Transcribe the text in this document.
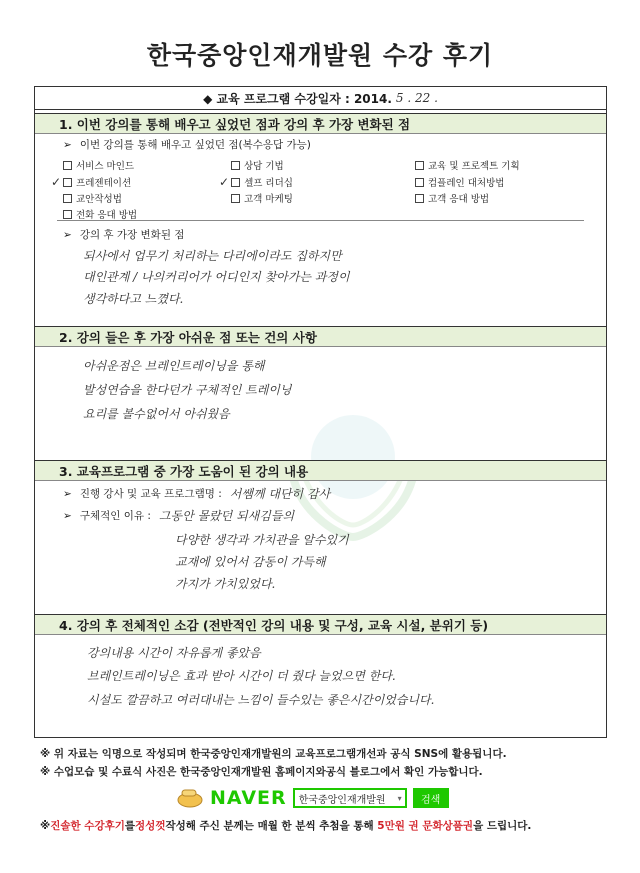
한국중앙인재개발원 수강 후기
◆ 교육 프로그램 수강일자 : 2014. 5 . 22 .
1. 이번 강의를 통해 배우고 싶었던 점과 강의 후 가장 변화된 점
➢ 이번 강의를 통해 배우고 싶었던 점(복수응답 가능)
서비스 마인드	상담 기법	교육 및 프로젝트 기획
✓ 프레젠테이션	✓ 셀프 리더십	컴플레인 대처방법
교안작성법	고객 마케팅	고객 응대 방법
전화 응대 방법
➢ 강의 후 가장 변화된 점
되사에서 업무기 처리하는 다리에이라도 집하지만
대인관계 / 나의커리어가 어디인지 찾아가는 과정이
생각하다고 느꼈다.
2. 강의 들은 후 가장 아쉬운 점 또는 건의 사항
아쉬운점은 브레인트레이닝을 통해
발성연습을 한다던가 구체적인 트레이닝
요리를 볼수없어서 아쉬웠음
3. 교육프로그램 중 가장 도움이 된 강의 내용
➢ 진행 강사 및 교육 프로그램명 : 서쌤께 대단히 감사
➢ 구체적인 이유 : 그동안 몰랐던 되새김들의
다양한 생각과 가치관을 알수있기
교재에 있어서 감동이 가득해
가지가 가치있었다.
4. 강의 후 전체적인 소감 (전반적인 강의 내용 및 구성, 교육 시설, 분위기 등)
강의내용 시간이 자유롭게 좋았음
브레인트레이닝은 효과 받아 시간이 더 줬다 늘었으면 한다.
시설도 깔끔하고 여러대내는 느낌이 들수있는 좋은시간이었습니다.
※ 위 자료는 익명으로 작성되며 한국중앙인재개발원의 교육프로그램개선과 공식 SNS에 활용됩니다.
※ 수업모습 및 수료식 사진은 한국중앙인재개발원 홈페이지와공식 블로그에서 확인 가능합니다.
NAVER 한국중앙인재개발원 ▾	검색
※진솔한 수강후기를정성껏작성해 주신 분께는 매월 한 분씩 추첨을 통해 5만원 권 문화상품권을 드립니다.
